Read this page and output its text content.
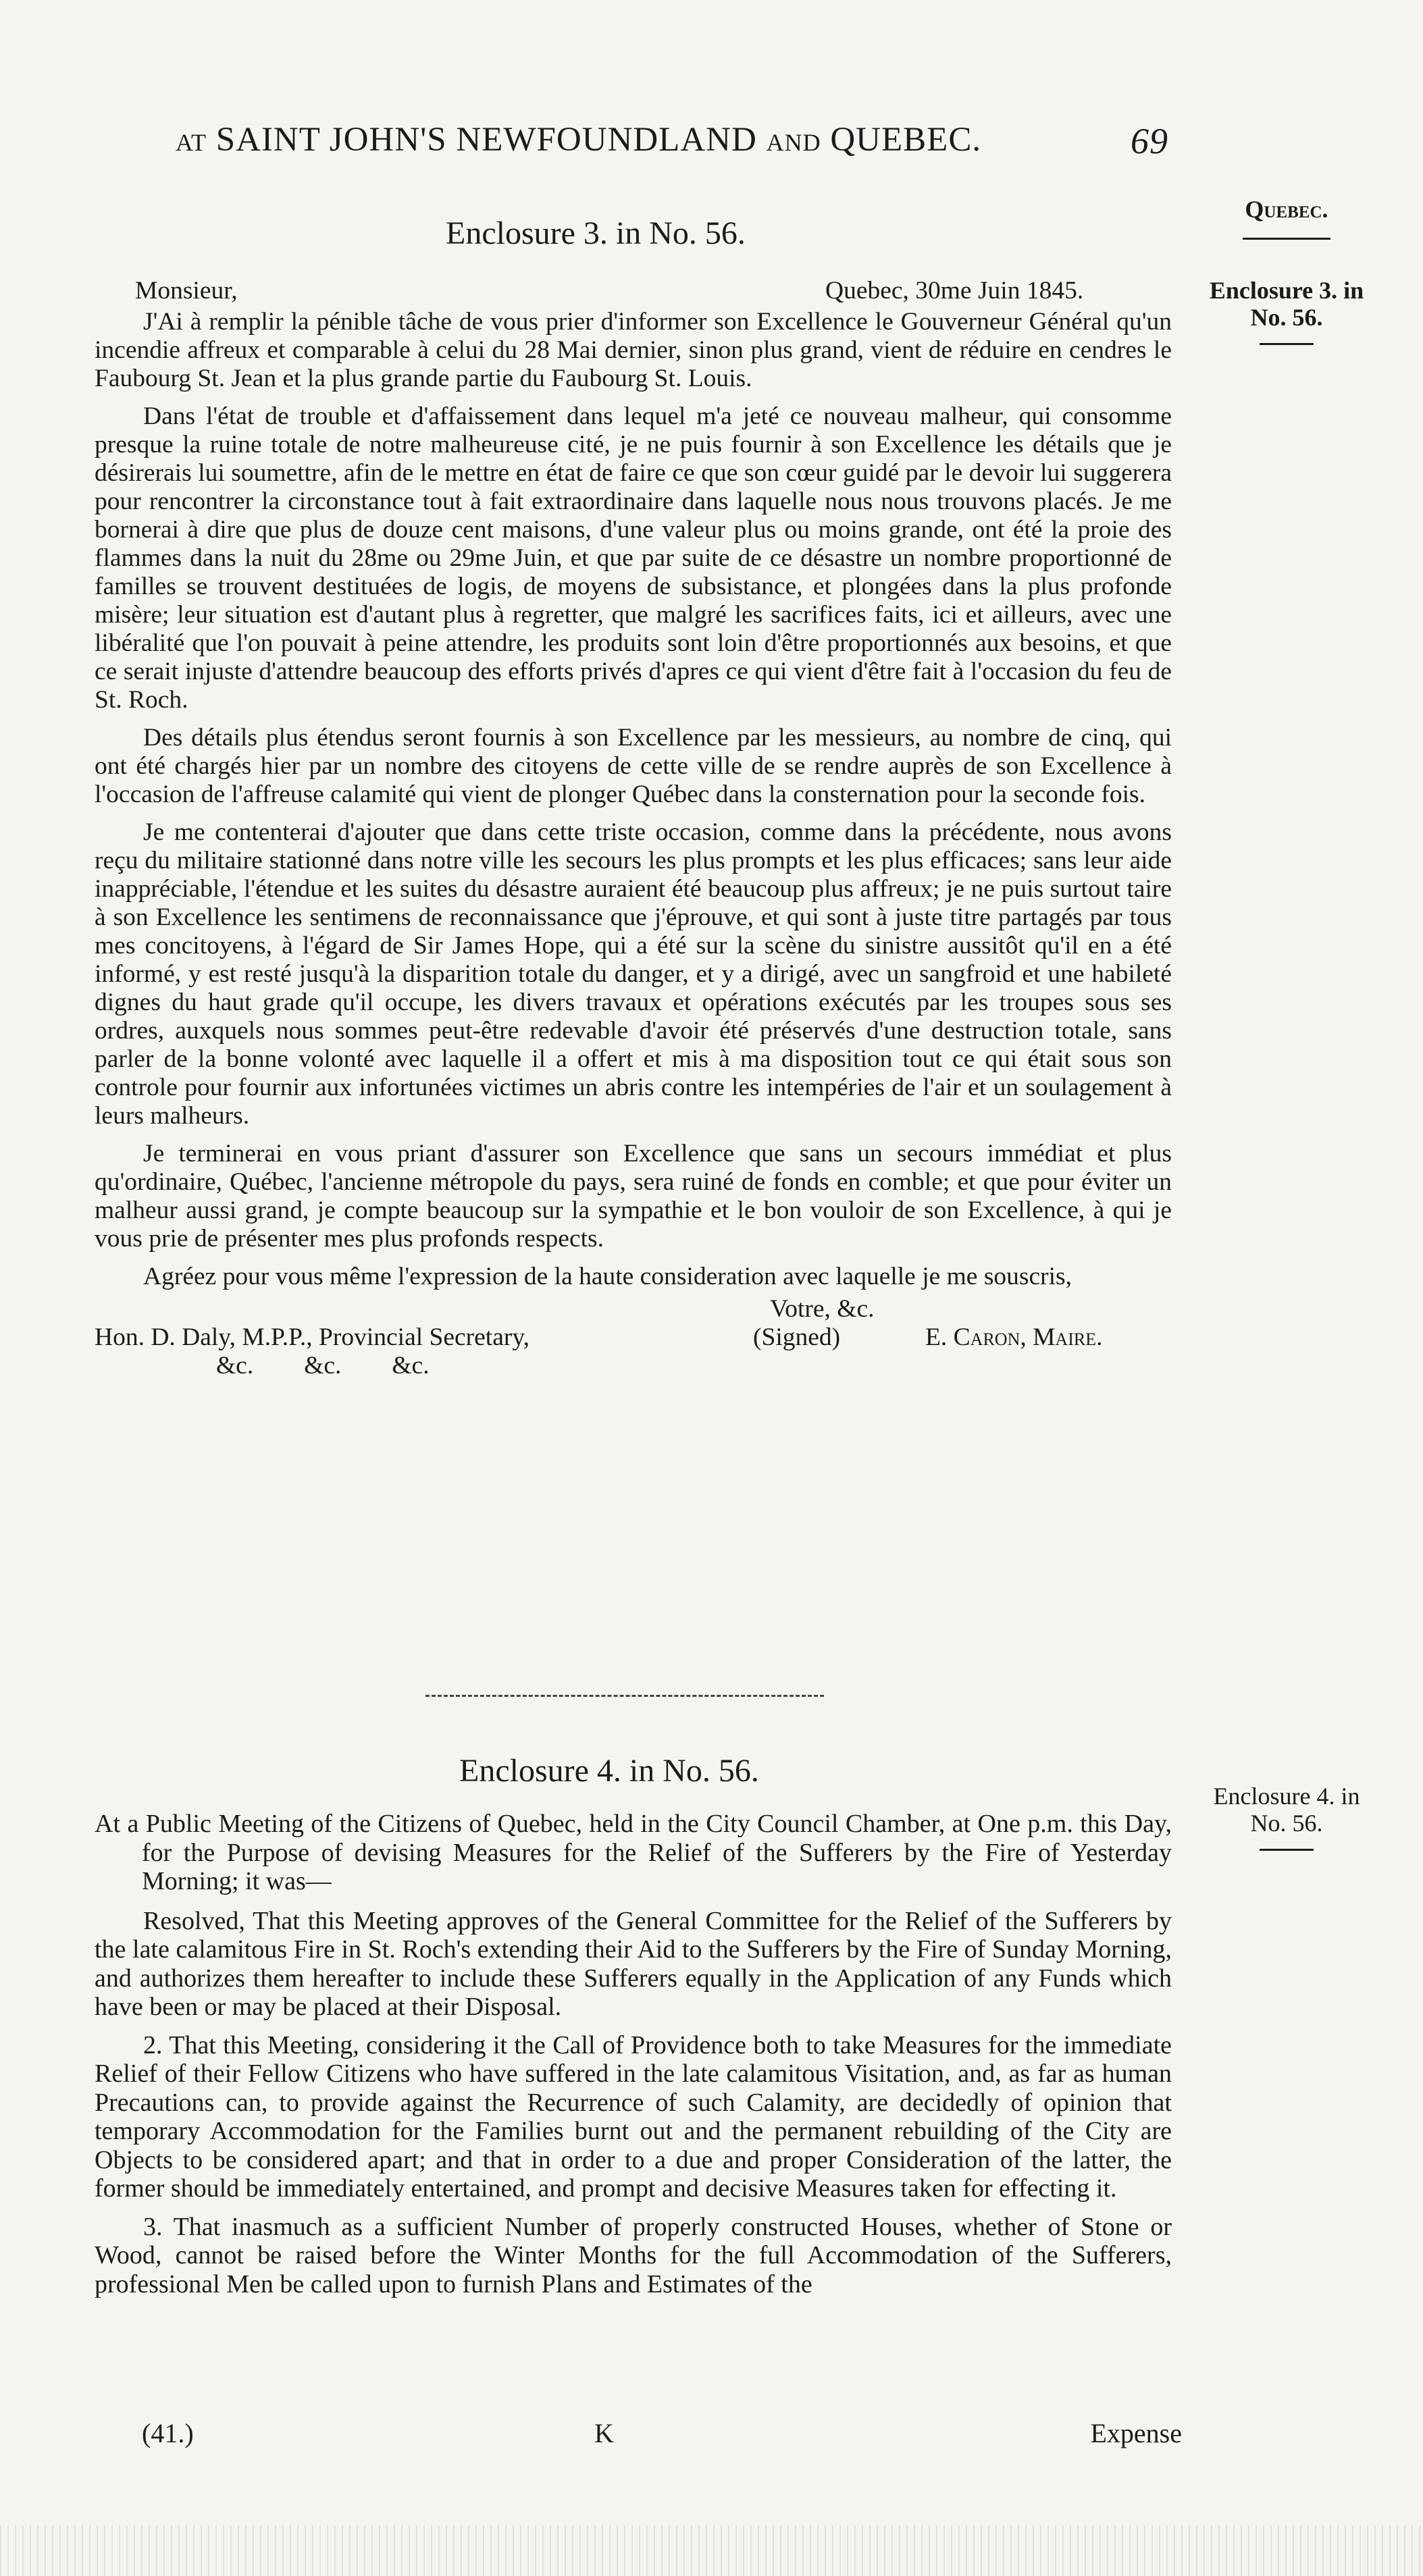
AT SAINT JOHN'S NEWFOUNDLAND AND QUEBEC.	69
Enclosure 3. in No. 56.
Quebec.
Enclosure 3. in
No. 56.
Monsieur,	Quebec, 30me Juin 1845.

J'Ai à remplir la pénible tâche de vous prier d'informer son Excellence le Gouverneur Général qu'un incendie affreux et comparable à celui du 28 Mai dernier, sinon plus grand, vient de réduire en cendres le Faubourg St. Jean et la plus grande partie du Faubourg St. Louis.

Dans l'état de trouble et d'affaissement dans lequel m'a jeté ce nouveau malheur, qui consomme presque la ruine totale de notre malheureuse cité, je ne puis fournir à son Excellence les détails que je désirerais lui soumettre, afin de le mettre en état de faire ce que son cœur guidé par le devoir lui suggerera pour rencontrer la circonstance tout à fait extraordinaire dans laquelle nous nous trouvons placés. Je me bornerai à dire que plus de douze cent maisons, d'une valeur plus ou moins grande, ont été la proie des flammes dans la nuit du 28me ou 29me Juin, et que par suite de ce désastre un nombre proportionné de familles se trouvent destituées de logis, de moyens de subsistance, et plongées dans la plus profonde misère; leur situation est d'autant plus à regretter, que malgré les sacrifices faits, ici et ailleurs, avec une libéralité que l'on pouvait à peine attendre, les produits sont loin d'être proportionnés aux besoins, et que ce serait injuste d'attendre beaucoup des efforts privés d'apres ce qui vient d'être fait à l'occasion du feu de St. Roch.

Des détails plus étendus seront fournis à son Excellence par les messieurs, au nombre de cinq, qui ont été chargés hier par un nombre des citoyens de cette ville de se rendre auprès de son Excellence à l'occasion de l'affreuse calamité qui vient de plonger Québec dans la consternation pour la seconde fois.

Je me contenterai d'ajouter que dans cette triste occasion, comme dans la précédente, nous avons reçu du militaire stationné dans notre ville les secours les plus prompts et les plus efficaces; sans leur aide inappréciable, l'étendue et les suites du désastre auraient été beaucoup plus affreux; je ne puis surtout taire à son Excellence les sentimens de reconnaissance que j'éprouve, et qui sont à juste titre partagés par tous mes concitoyens, à l'égard de Sir James Hope, qui a été sur la scène du sinistre aussitôt qu'il en a été informé, y est resté jusqu'à la disparition totale du danger, et y a dirigé, avec un sangfroid et une habileté dignes du haut grade qu'il occupe, les divers travaux et opérations exécutés par les troupes sous ses ordres, auxquels nous sommes peut-être redevable d'avoir été préservés d'une destruction totale, sans parler de la bonne volonté avec laquelle il a offert et mis à ma disposition tout ce qui était sous son controle pour fournir aux infortunées victimes un abris contre les intempéries de l'air et un soulagement à leurs malheurs.

Je terminerai en vous priant d'assurer son Excellence que sans un secours immédiat et plus qu'ordinaire, Québec, l'ancienne métropole du pays, sera ruiné de fonds en comble; et que pour éviter un malheur aussi grand, je compte beaucoup sur la sympathie et le bon vouloir de son Excellence, à qui je vous prie de présenter mes plus profonds respects.

Agréez pour vous même l'expression de la haute consideration avec laquelle je me souscris,

Votre, &c.
Hon. D. Daly, M.P.P., Provincial Secretary,	(Signed)	E. Caron, Maire.
&c.        &c.        &c.
Enclosure 4. in No. 56.
Enclosure 4. in
No. 56.

At a Public Meeting of the Citizens of Quebec, held in the City Council Chamber, at One p.m. this Day, for the Purpose of devising Measures for the Relief of the Sufferers by the Fire of Yesterday Morning; it was—

Resolved, That this Meeting approves of the General Committee for the Relief of the Sufferers by the late calamitous Fire in St. Roch's extending their Aid to the Sufferers by the Fire of Sunday Morning, and authorizes them hereafter to include these Sufferers equally in the Application of any Funds which have been or may be placed at their Disposal.

2. That this Meeting, considering it the Call of Providence both to take Measures for the immediate Relief of their Fellow Citizens who have suffered in the late calamitous Visitation, and, as far as human Precautions can, to provide against the Recurrence of such Calamity, are decidedly of opinion that temporary Accommodation for the Families burnt out and the permanent rebuilding of the City are Objects to be considered apart; and that in order to a due and proper Consideration of the latter, the former should be immediately entertained, and prompt and decisive Measures taken for effecting it.

3. That inasmuch as a sufficient Number of properly constructed Houses, whether of Stone or Wood, cannot be raised before the Winter Months for the full Accommodation of the Sufferers, professional Men be called upon to furnish Plans and Estimates of the

(41.)	K	Expense
